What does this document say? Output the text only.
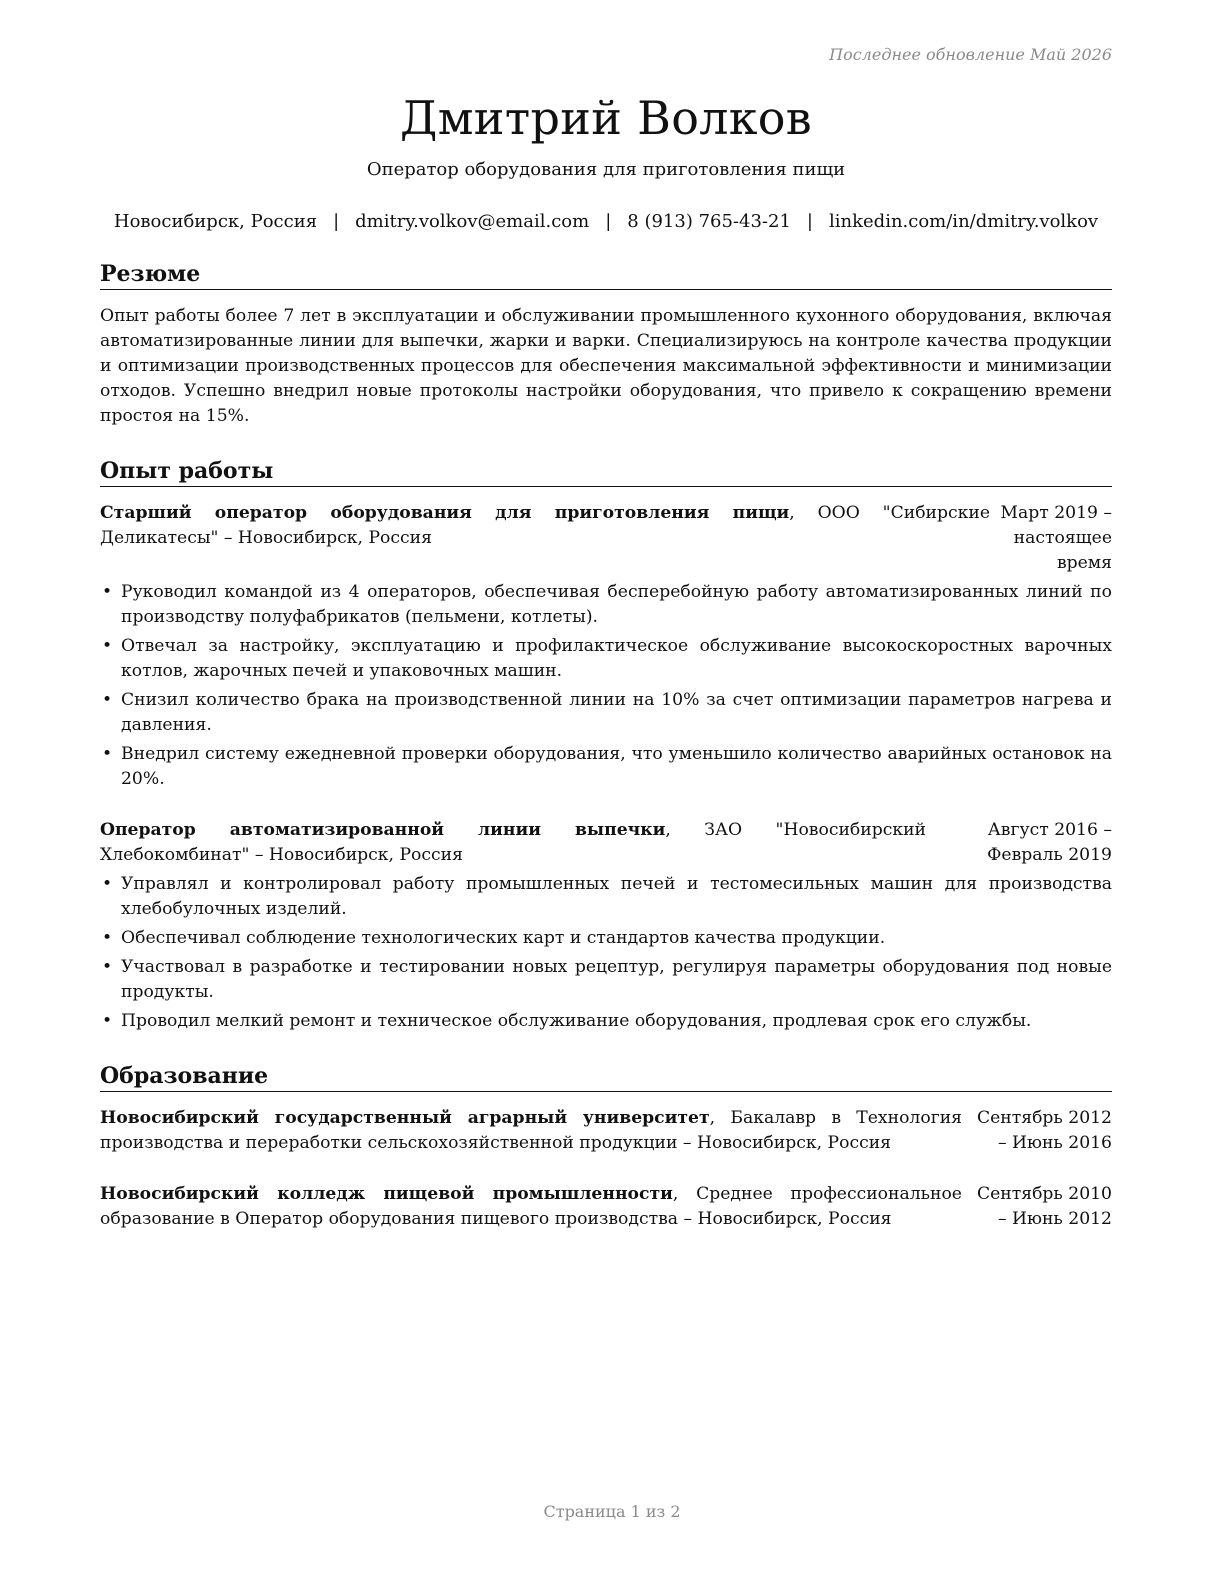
Последнее обновление Май 2026
Дмитрий Волков
Оператор оборудования для приготовления пищи
Новосибирск, Россия | dmitry.volkov@email.com | 8 (913) 765-43-21 | linkedin.com/in/dmitry.volkov
Резюме
Опыт работы более 7 лет в эксплуатации и обслуживании промышленного кухонного оборудования, включая автоматизированные линии для выпечки, жарки и варки. Специализируюсь на контроле качества продукции и оптимизации производственных процессов для обеспечения максимальной эффективности и минимизации отходов. Успешно внедрил новые протоколы настройки оборудования, что привело к сокращению времени простоя на 15%.
Опыт работы
Старший оператор оборудования для приготовления пищи, ООО "Сибирские Деликатесы" – Новосибирск, Россия
Март 2019 – настоящее время
• Руководил командой из 4 операторов, обеспечивая бесперебойную работу автоматизированных линий по производству полуфабрикатов (пельмени, котлеты).
• Отвечал за настройку, эксплуатацию и профилактическое обслуживание высокоскоростных варочных котлов, жарочных печей и упаковочных машин.
• Снизил количество брака на производственной линии на 10% за счет оптимизации параметров нагрева и давления.
• Внедрил систему ежедневной проверки оборудования, что уменьшило количество аварийных остановок на 20%.
Оператор автоматизированной линии выпечки, ЗАО "Новосибирский Хлебокомбинат" – Новосибирск, Россия
Август 2016 – Февраль 2019
• Управлял и контролировал работу промышленных печей и тестомесильных машин для производства хлебобулочных изделий.
• Обеспечивал соблюдение технологических карт и стандартов качества продукции.
• Участвовал в разработке и тестировании новых рецептур, регулируя параметры оборудования под новые продукты.
• Проводил мелкий ремонт и техническое обслуживание оборудования, продлевая срок его службы.
Образование
Новосибирский государственный аграрный университет, Бакалавр в Технология производства и переработки сельскохозяйственной продукции – Новосибирск, Россия
Сентябрь 2012 – Июнь 2016
Новосибирский колледж пищевой промышленности, Среднее профессиональное образование в Оператор оборудования пищевого производства – Новосибирск, Россия
Сентябрь 2010 – Июнь 2012
Страница 1 из 2
